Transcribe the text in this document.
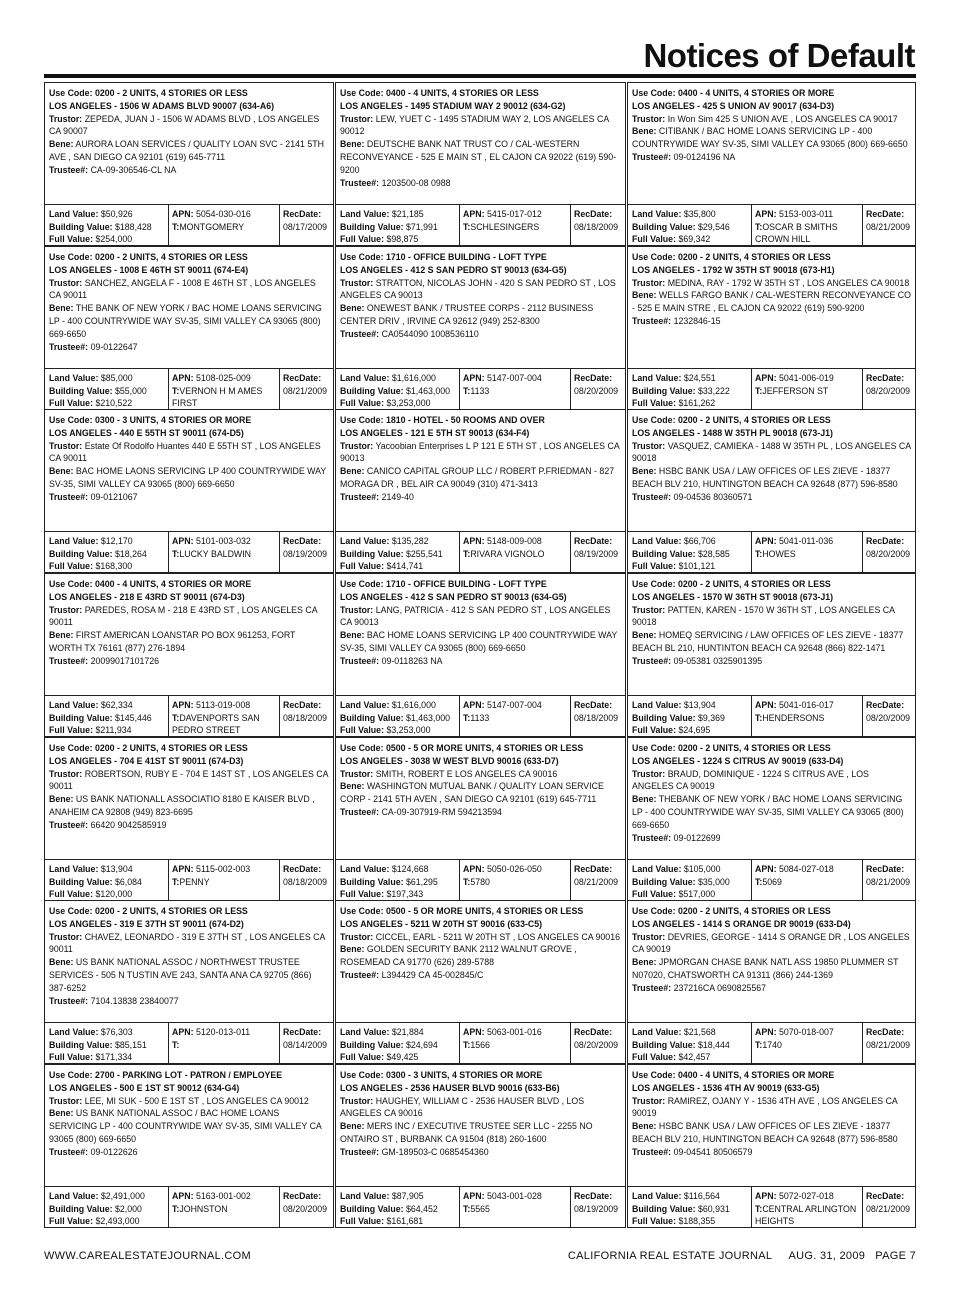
Notices of Default
Use Code: 0200 - 2 UNITS, 4 STORIES OR LESS
LOS ANGELES - 1506 W ADAMS BLVD 90007 (634-A6)
Trustor: ZEPEDA, JUAN J - 1506 W ADAMS BLVD , LOS ANGELES CA 90007
Bene: AURORA LOAN SERVICES / QUALITY LOAN SVC - 2141 5TH AVE , SAN DIEGO CA 92101 (619) 645-7711
Trustee#: CA-09-306546-CL NA
Land Value: $50,926
Building Value: $188,428
Full Value: $254,000
APN: 5054-030-016
T:MONTGOMERY
RecDate:
08/17/2009
Use Code: 0400 - 4 UNITS, 4 STORIES OR LESS
LOS ANGELES - 1495 STADIUM WAY 2 90012 (634-G2)
Trustor: LEW, YUET C - 1495 STADIUM WAY 2, LOS ANGELES CA 90012
Bene: DEUTSCHE BANK NAT TRUST CO / CAL-WESTERN RECONVEYANCE - 525 E MAIN ST , EL CAJON CA 92022 (619) 590-9200
Trustee#: 1203500-08 0988
Land Value: $21,185
Building Value: $71,991
Full Value: $98,875
APN: 5415-017-012
T:SCHLESINGERS
RecDate:
08/18/2009
Use Code: 0400 - 4 UNITS, 4 STORIES OR MORE
LOS ANGELES - 425 S UNION AV 90017 (634-D3)
Trustor: In Won Sim 425 S UNION AVE , LOS ANGELES CA 90017
Bene: CITIBANK / BAC HOME LOANS SERVICING LP - 400 COUNTRYWIDE WAY SV-35, SIMI VALLEY CA 93065 (800) 669-6650
Trustee#: 09-0124196 NA
Land Value: $35,800
Building Value: $29,546
Full Value: $69,342
APN: 5153-003-011
T:OSCAR B SMITHS CROWN HILL
RecDate:
08/21/2009
Use Code: 0200 - 2 UNITS, 4 STORIES OR LESS
LOS ANGELES - 1008 E 46TH ST 90011 (674-E4)
Trustor: SANCHEZ, ANGELA F - 1008 E 46TH ST , LOS ANGELES CA 90011
Bene: THE BANK OF NEW YORK / BAC HOME LOANS SERVICING LP - 400 COUNTRYWIDE WAY SV-35, SIMI VALLEY CA 93065 (800) 669-6650
Trustee#: 09-0122647
Land Value: $85,000
Building Value: $55,000
Full Value: $210,522
APN: 5108-025-009
T:VERNON H M AMES FIRST
RecDate:
08/21/2009
Use Code: 1710 - OFFICE BUILDING - LOFT TYPE
LOS ANGELES - 412 S SAN PEDRO ST 90013 (634-G5)
Trustor: STRATTON, NICOLAS JOHN - 420 S SAN PEDRO ST , LOS ANGELES CA 90013
Bene: ONEWEST BANK / TRUSTEE CORPS - 2112 BUSINESS CENTER DRIV , IRVINE CA 92612 (949) 252-8300
Trustee#: CA0544090 1008536110
Land Value: $1,616,000
Building Value: $1,463,000
Full Value: $3,253,000
APN: 5147-007-004
T:1133
RecDate:
08/20/2009
Use Code: 0200 - 2 UNITS, 4 STORIES OR LESS
LOS ANGELES - 1792 W 35TH ST 90018 (673-H1)
Trustor: MEDINA, RAY - 1792 W 35TH ST , LOS ANGELES CA 90018
Bene: WELLS FARGO BANK / CAL-WESTERN RECONVEYANCE CO - 525 E MAIN STRE , EL CAJON CA 92022 (619) 590-9200
Trustee#: 1232846-15
Land Value: $24,551
Building Value: $33,222
Full Value: $161,262
APN: 5041-006-019
T:JEFFERSON ST
RecDate:
08/20/2009
Use Code: 0300 - 3 UNITS, 4 STORIES OR MORE
LOS ANGELES - 440 E 55TH ST 90011 (674-D5)
Trustor: Estate Of Rodolfo Huantes 440 E 55TH ST , LOS ANGELES CA 90011
Bene: BAC HOME LAONS SERVICING LP 400 COUNTRYWIDE WAY SV-35, SIMI VALLEY CA 93065 (800) 669-6650
Trustee#: 09-0121067
Land Value: $12,170
Building Value: $18,264
Full Value: $168,300
APN: 5101-003-032
T:LUCKY BALDWIN
RecDate:
08/19/2009
Use Code: 1810 - HOTEL - 50 ROOMS AND OVER
LOS ANGELES - 121 E 5TH ST 90013 (634-F4)
Trustor: Yacoobian Enterprises L P 121 E 5TH ST , LOS ANGELES CA 90013
Bene: CANICO CAPITAL GROUP LLC / ROBERT P.FRIEDMAN - 827 MORAGA DR , BEL AIR CA 90049 (310) 471-3413
Trustee#: 2149-40
Land Value: $135,282
Building Value: $255,541
Full Value: $414,741
APN: 5148-009-008
T:RIVARA VIGNOLO
RecDate:
08/19/2009
Use Code: 0200 - 2 UNITS, 4 STORIES OR LESS
LOS ANGELES - 1488 W 35TH PL 90018 (673-J1)
Trustor: VASQUEZ, CAMIEKA - 1488 W 35TH PL , LOS ANGELES CA 90018
Bene: HSBC BANK USA / LAW OFFICES OF LES ZIEVE - 18377 BEACH BLV 210, HUNTINGTON BEACH CA 92648 (877) 596-8580
Trustee#: 09-04536 80360571
Land Value: $66,706
Building Value: $28,585
Full Value: $101,121
APN: 5041-011-036
T:HOWES
RecDate:
08/20/2009
Use Code: 0400 - 4 UNITS, 4 STORIES OR MORE
LOS ANGELES - 218 E 43RD ST 90011 (674-D3)
Trustor: PAREDES, ROSA M - 218 E 43RD ST , LOS ANGELES CA 90011
Bene: FIRST AMERICAN LOANSTAR PO BOX 961253, FORT WORTH TX 76161 (877) 276-1894
Trustee#: 20099017101726
Land Value: $62,334
Building Value: $145,446
Full Value: $211,934
APN: 5113-019-008
T:DAVENPORTS SAN PEDRO STREET
RecDate:
08/18/2009
Use Code: 1710 - OFFICE BUILDING - LOFT TYPE
LOS ANGELES - 412 S SAN PEDRO ST 90013 (634-G5)
Trustor: LANG, PATRICIA - 412 S SAN PEDRO ST , LOS ANGELES CA 90013
Bene: BAC HOME LOANS SERVICING LP 400 COUNTRYWIDE WAY SV-35, SIMI VALLEY CA 93065 (800) 669-6650
Trustee#: 09-0118263 NA
Land Value: $1,616,000
Building Value: $1,463,000
Full Value: $3,253,000
APN: 5147-007-004
T:1133
RecDate:
08/18/2009
Use Code: 0200 - 2 UNITS, 4 STORIES OR LESS
LOS ANGELES - 1570 W 36TH ST 90018 (673-J1)
Trustor: PATTEN, KAREN - 1570 W 36TH ST , LOS ANGELES CA 90018
Bene: HOMEQ SERVICING / LAW OFFICES OF LES ZIEVE - 18377 BEACH BL 210, HUNTINTON BEACH CA 92648 (866) 822-1471
Trustee#: 09-05381 0325901395
Land Value: $13,904
Building Value: $9,369
Full Value: $24,695
APN: 5041-016-017
T:HENDERSONS
RecDate:
08/20/2009
Use Code: 0200 - 2 UNITS, 4 STORIES OR LESS
LOS ANGELES - 704 E 41ST ST 90011 (674-D3)
Trustor: ROBERTSON, RUBY E - 704 E 14ST ST , LOS ANGELES CA 90011
Bene: US BANK NATIONALL ASSOCIATIO 8180 E KAISER BLVD , ANAHEIM CA 92808 (949) 823-6695
Trustee#: 66420 9042585919
Land Value: $13,904
Building Value: $6,084
Full Value: $120,000
APN: 5115-002-003
T:PENNY
RecDate:
08/18/2009
Use Code: 0500 - 5 OR MORE UNITS, 4 STORIES OR LESS
LOS ANGELES - 3038 W WEST BLVD 90016 (633-D7)
Trustor: SMITH, ROBERT E LOS ANGELES CA 90016
Bene: WASHINGTON MUTUAL BANK / QUALITY LOAN SERVICE CORP - 2141 5TH AVEN , SAN DIEGO CA 92101 (619) 645-7711
Trustee#: CA-09-307919-RM 594213594
Land Value: $124,668
Building Value: $61,295
Full Value: $197,343
APN: 5050-026-050
T:5780
RecDate:
08/21/2009
Use Code: 0200 - 2 UNITS, 4 STORIES OR LESS
LOS ANGELES - 1224 S CITRUS AV 90019 (633-D4)
Trustor: BRAUD, DOMINIQUE - 1224 S CITRUS AVE , LOS ANGELES CA 90019
Bene: THEBANK OF NEW YORK / BAC HOME LOANS SERVICING LP - 400 COUNTRYWIDE WAY SV-35, SIMI VALLEY CA 93065 (800) 669-6650
Trustee#: 09-0122699
Land Value: $105,000
Building Value: $35,000
Full Value: $517,000
APN: 5084-027-018
T:5069
RecDate:
08/21/2009
Use Code: 0200 - 2 UNITS, 4 STORIES OR LESS
LOS ANGELES - 319 E 37TH ST 90011 (674-D2)
Trustor: CHAVEZ, LEONARDO - 319 E 37TH ST , LOS ANGELES CA 90011
Bene: US BANK NATIONAL ASSOC / NORTHWEST TRUSTEE SERVICES - 505 N TUSTIN AVE 243, SANTA ANA CA 92705 (866) 387-6252
Trustee#: 7104.13838 23840077
Land Value: $76,303
Building Value: $85,151
Full Value: $171,334
APN: 5120-013-011
T:
RecDate:
08/14/2009
Use Code: 0500 - 5 OR MORE UNITS, 4 STORIES OR LESS
LOS ANGELES - 5211 W 20TH ST 90016 (633-C5)
Trustor: CICCEL, EARL - 5211 W 20TH ST , LOS ANGELES CA 90016
Bene: GOLDEN SECURITY BANK 2112 WALNUT GROVE , ROSEMEAD CA 91770 (626) 289-5788
Trustee#: L394429 CA 45-002845/C
Land Value: $21,884
Building Value: $24,694
Full Value: $49,425
APN: 5063-001-016
T:1566
RecDate:
08/20/2009
Use Code: 0200 - 2 UNITS, 4 STORIES OR LESS
LOS ANGELES - 1414 S ORANGE DR 90019 (633-D4)
Trustor: DEVRIES, GEORGE - 1414 S ORANGE DR , LOS ANGELES CA 90019
Bene: JPMORGAN CHASE BANK NATL ASS 19850 PLUMMER ST N07020, CHATSWORTH CA 91311 (866) 244-1369
Trustee#: 237216CA 0690825567
Land Value: $21,568
Building Value: $18,444
Full Value: $42,457
APN: 5070-018-007
T:1740
RecDate:
08/21/2009
Use Code: 2700 - PARKING LOT - PATRON / EMPLOYEE
LOS ANGELES - 500 E 1ST ST 90012 (634-G4)
Trustor: LEE, MI SUK - 500 E 1ST ST , LOS ANGELES CA 90012
Bene: US BANK NATIONAL ASSOC / BAC HOME LOANS SERVICING LP - 400 COUNTRYWIDE WAY SV-35, SIMI VALLEY CA 93065 (800) 669-6650
Trustee#: 09-0122626
Land Value: $2,491,000
Building Value: $2,000
Full Value: $2,493,000
APN: 5163-001-002
T:JOHNSTON
RecDate:
08/20/2009
Use Code: 0300 - 3 UNITS, 4 STORIES OR MORE
LOS ANGELES - 2536 HAUSER BLVD 90016 (633-B6)
Trustor: HAUGHEY, WILLIAM C - 2536 HAUSER BLVD , LOS ANGELES CA 90016
Bene: MERS INC / EXECUTIVE TRUSTEE SER LLC - 2255 NO ONTAIRO ST , BURBANK CA 91504 (818) 260-1600
Trustee#: GM-189503-C 0685454360
Land Value: $87,905
Building Value: $64,452
Full Value: $161,681
APN: 5043-001-028
T:5565
RecDate:
08/19/2009
Use Code: 0400 - 4 UNITS, 4 STORIES OR MORE
LOS ANGELES - 1536 4TH AV 90019 (633-G5)
Trustor: RAMIREZ, OJANY Y - 1536 4TH AVE , LOS ANGELES CA 90019
Bene: HSBC BANK USA / LAW OFFICES OF LES ZIEVE - 18377 BEACH BLV 210, HUNTINGTON BEACH CA 92648 (877) 596-8580
Trustee#: 09-04541 80506579
Land Value: $116,564
Building Value: $60,931
Full Value: $188,355
APN: 5072-027-018
T:CENTRAL ARLINGTON HEIGHTS
RecDate:
08/21/2009
WWW.CAREALESTATEJOURNAL.COM	CALIFORNIA REAL ESTATE JOURNAL AUG. 31, 2009 PAGE 7
